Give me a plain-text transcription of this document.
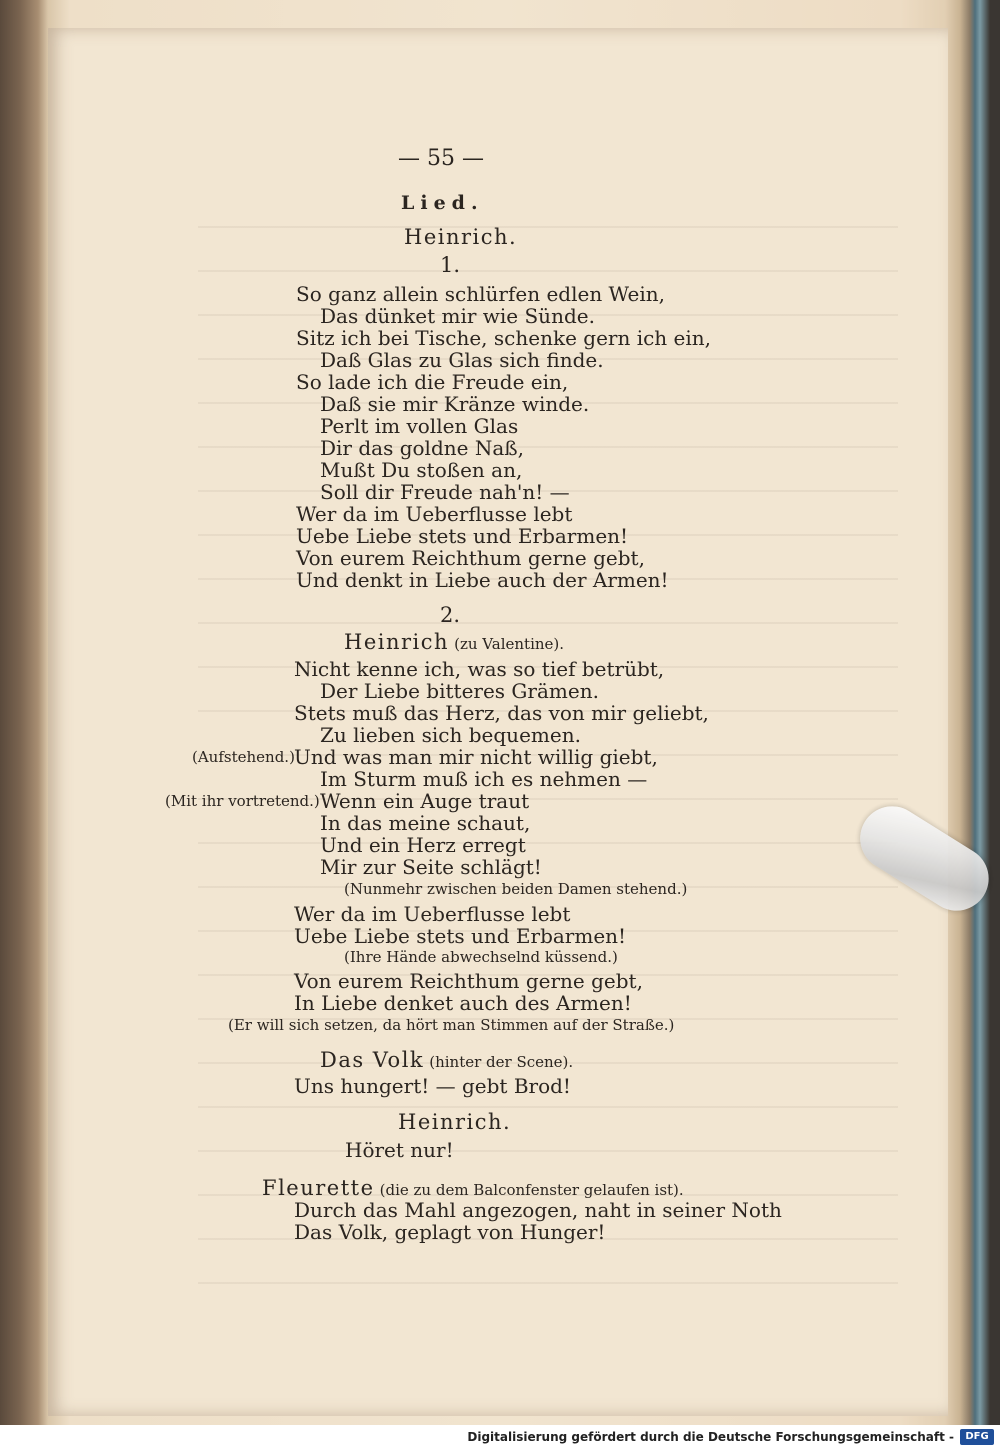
— 55 —
Lied.
Heinrich.
1.
So ganz allein schlürfen edlen Wein,
Das dünket mir wie Sünde.
Sitz ich bei Tische, schenke gern ich ein,
Daß Glas zu Glas sich finde.
So lade ich die Freude ein,
Daß sie mir Kränze winde.
Perlt im vollen Glas
Dir das goldne Naß,
Mußt Du stoßen an,
Soll dir Freude nah'n! —
Wer da im Ueberflusse lebt
Uebe Liebe stets und Erbarmen!
Von eurem Reichthum gerne gebt,
Und denkt in Liebe auch der Armen!
2.
Heinrich (zu Valentine).
Nicht kenne ich, was so tief betrübt,
Der Liebe bitteres Grämen.
Stets muß das Herz, das von mir geliebt,
Zu lieben sich bequemen.
(Aufstehend.) Und was man mir nicht willig giebt,
Im Sturm muß ich es nehmen —
(Mit ihr vortretend.) Wenn ein Auge traut
In das meine schaut,
Und ein Herz erregt
Mir zur Seite schlägt!
(Nunmehr zwischen beiden Damen stehend.)
Wer da im Ueberflusse lebt
Uebe Liebe stets und Erbarmen!
(Ihre Hände abwechselnd küssend.)
Von eurem Reichthum gerne gebt,
In Liebe denket auch des Armen!
(Er will sich setzen, da hört man Stimmen auf der Straße.)
Das Volk (hinter der Scene).
Uns hungert! — gebt Brod!
Heinrich.
Höret nur!
Fleurette (die zu dem Balconfenster gelaufen ist).
Durch das Mahl angezogen, naht in seiner Noth
Das Volk, geplagt von Hunger!
Digitalisierung gefördert durch die Deutsche Forschungsgemeinschaft -	DFG
